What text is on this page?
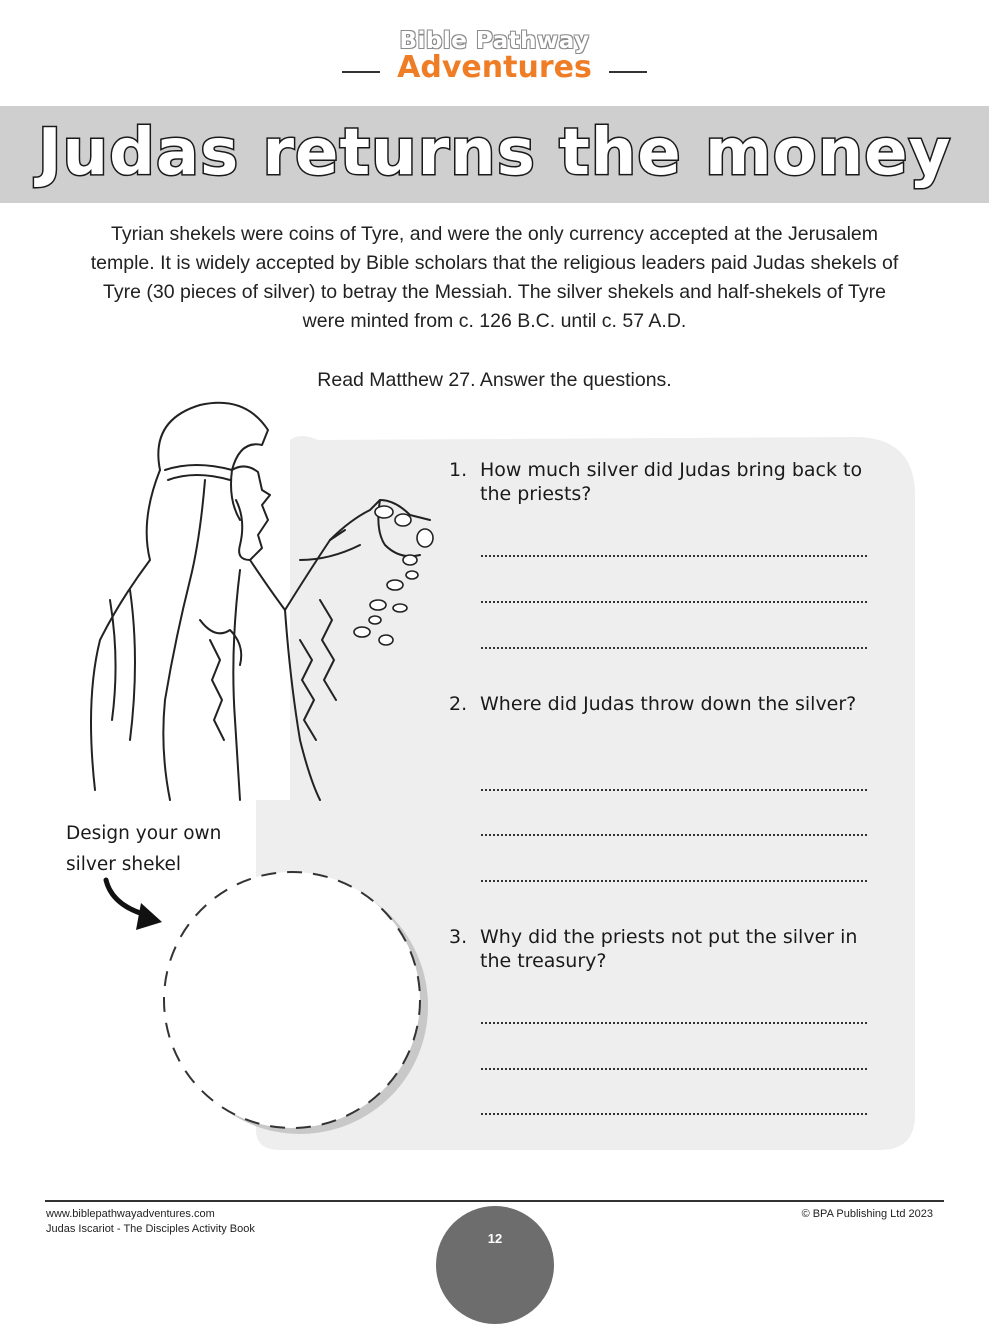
Bible Pathway
Adventures
Judas returns the money
Tyrian shekels were coins of Tyre, and were the only currency accepted at the Jerusalem temple. It is widely accepted by Bible scholars that the religious leaders paid Judas shekels of Tyre (30 pieces of silver) to betray the Messiah. The silver shekels and half-shekels of Tyre were minted from c. 126 B.C. until c. 57 A.D.
Read Matthew 27. Answer the questions.
1. How much silver did Judas bring back to the priests?
2. Where did Judas throw down the silver?
3. Why did the priests not put the silver in the treasury?
Design your own silver shekel
www.biblepathwayadventures.com
Judas Iscariot - The Disciples Activity Book
© BPA Publishing Ltd 2023
12
